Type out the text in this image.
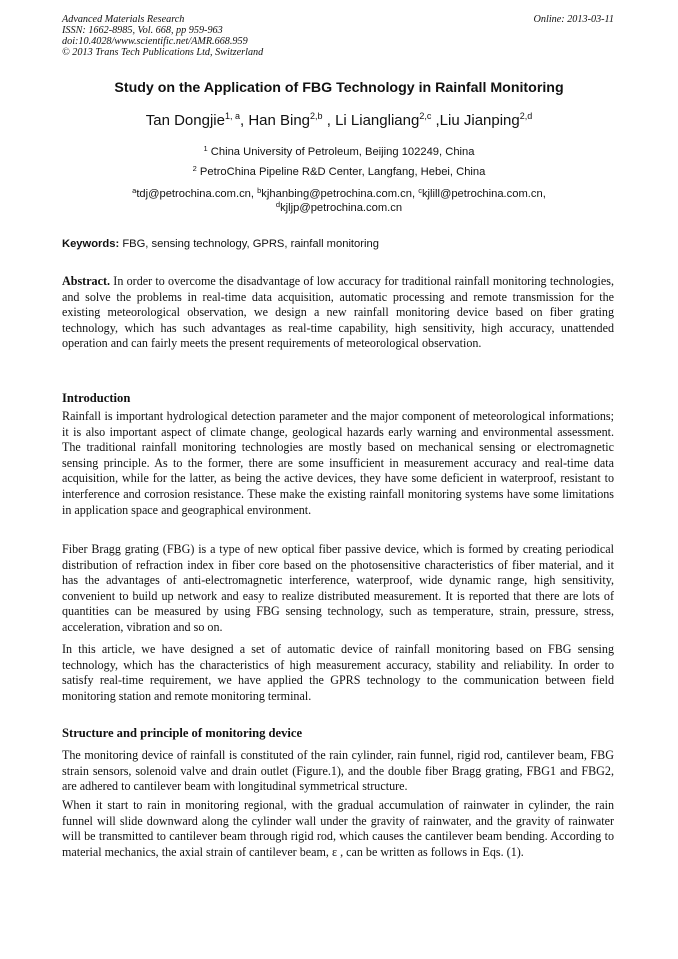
Advanced Materials Research
ISSN: 1662-8985, Vol. 668, pp 959-963
doi:10.4028/www.scientific.net/AMR.668.959
© 2013 Trans Tech Publications Ltd, Switzerland
Online: 2013-03-11
Study on the Application of FBG Technology in Rainfall Monitoring
Tan Dongjie$^{1, a}$, Han Bing$^{2,b}$ , Li Liangliang$^{2,c}$ ,Liu Jianping$^{2,d}$
$^1$ China University of Petroleum, Beijing 102249, China
$^2$ PetroChina Pipeline R&D Center, Langfang, Hebei, China
$^a$tdj@petrochina.com.cn, $^b$kjhanbing@petrochina.com.cn, $^c$kjlill@petrochina.com.cn,
$^d$kjljp@petrochina.com.cn
Keywords: FBG, sensing technology, GPRS, rainfall monitoring

Abstract. In order to overcome the disadvantage of low accuracy for traditional rainfall monitoring technologies, and solve the problems in real-time data acquisition, automatic processing and remote transmission for the existing meteorological observation, we design a new rainfall monitoring device based on fiber grating technology, which has such advantages as real-time capability, high sensitivity, high accuracy, unattended operation and can fairly meets the present requirements of meteorological observation.

Introduction

Rainfall is important hydrological detection parameter and the major component of meteorological informations; it is also important aspect of climate change, geological hazards early warning and environmental assessment. The traditional rainfall monitoring technologies are mostly based on mechanical sensing or electromagnetic sensing principle. As to the former, there are some insufficient in measurement accuracy and real-time data acquisition, while for the latter, as being the active devices, they have some deficient in waterproof, resistant to interference and corrosion resistance. These make the existing rainfall monitoring systems have some limitations in application space and geographical environment.

Fiber Bragg grating (FBG) is a type of new optical fiber passive device, which is formed by creating periodical distribution of refraction index in fiber core based on the photosensitive characteristics of fiber material, and it has the advantages of anti-electromagnetic interference, waterproof, wide dynamic range, high sensitivity, convenient to build up network and easy to realize distributed measurement. It is reported that there are lots of quantities can be measured by using FBG sensing technology, such as temperature, strain, pressure, stress, acceleration, vibration and so on.

In this article, we have designed a set of automatic device of rainfall monitoring based on FBG sensing technology, which has the characteristics of high measurement accuracy, stability and reliability. In order to satisfy real-time requirement, we have applied the GPRS technology to the communication between field monitoring station and remote monitoring terminal.

Structure and principle of monitoring device

The monitoring device of rainfall is constituted of the rain cylinder, rain funnel, rigid rod, cantilever beam, FBG strain sensors, solenoid valve and drain outlet (Figure.1), and the double fiber Bragg grating, FBG1 and FBG2, are adhered to cantilever beam with longitudinal symmetrical structure.

When it start to rain in monitoring regional, with the gradual accumulation of rainwater in cylinder, the rain funnel will slide downward along the cylinder wall under the gravity of rainwater, and the gravity of rainwater will be transmitted to cantilever beam through rigid rod, which causes the cantilever beam bending. According to material mechanics, the axial strain of cantilever beam, ε , can be written as follows in Eqs. (1).
